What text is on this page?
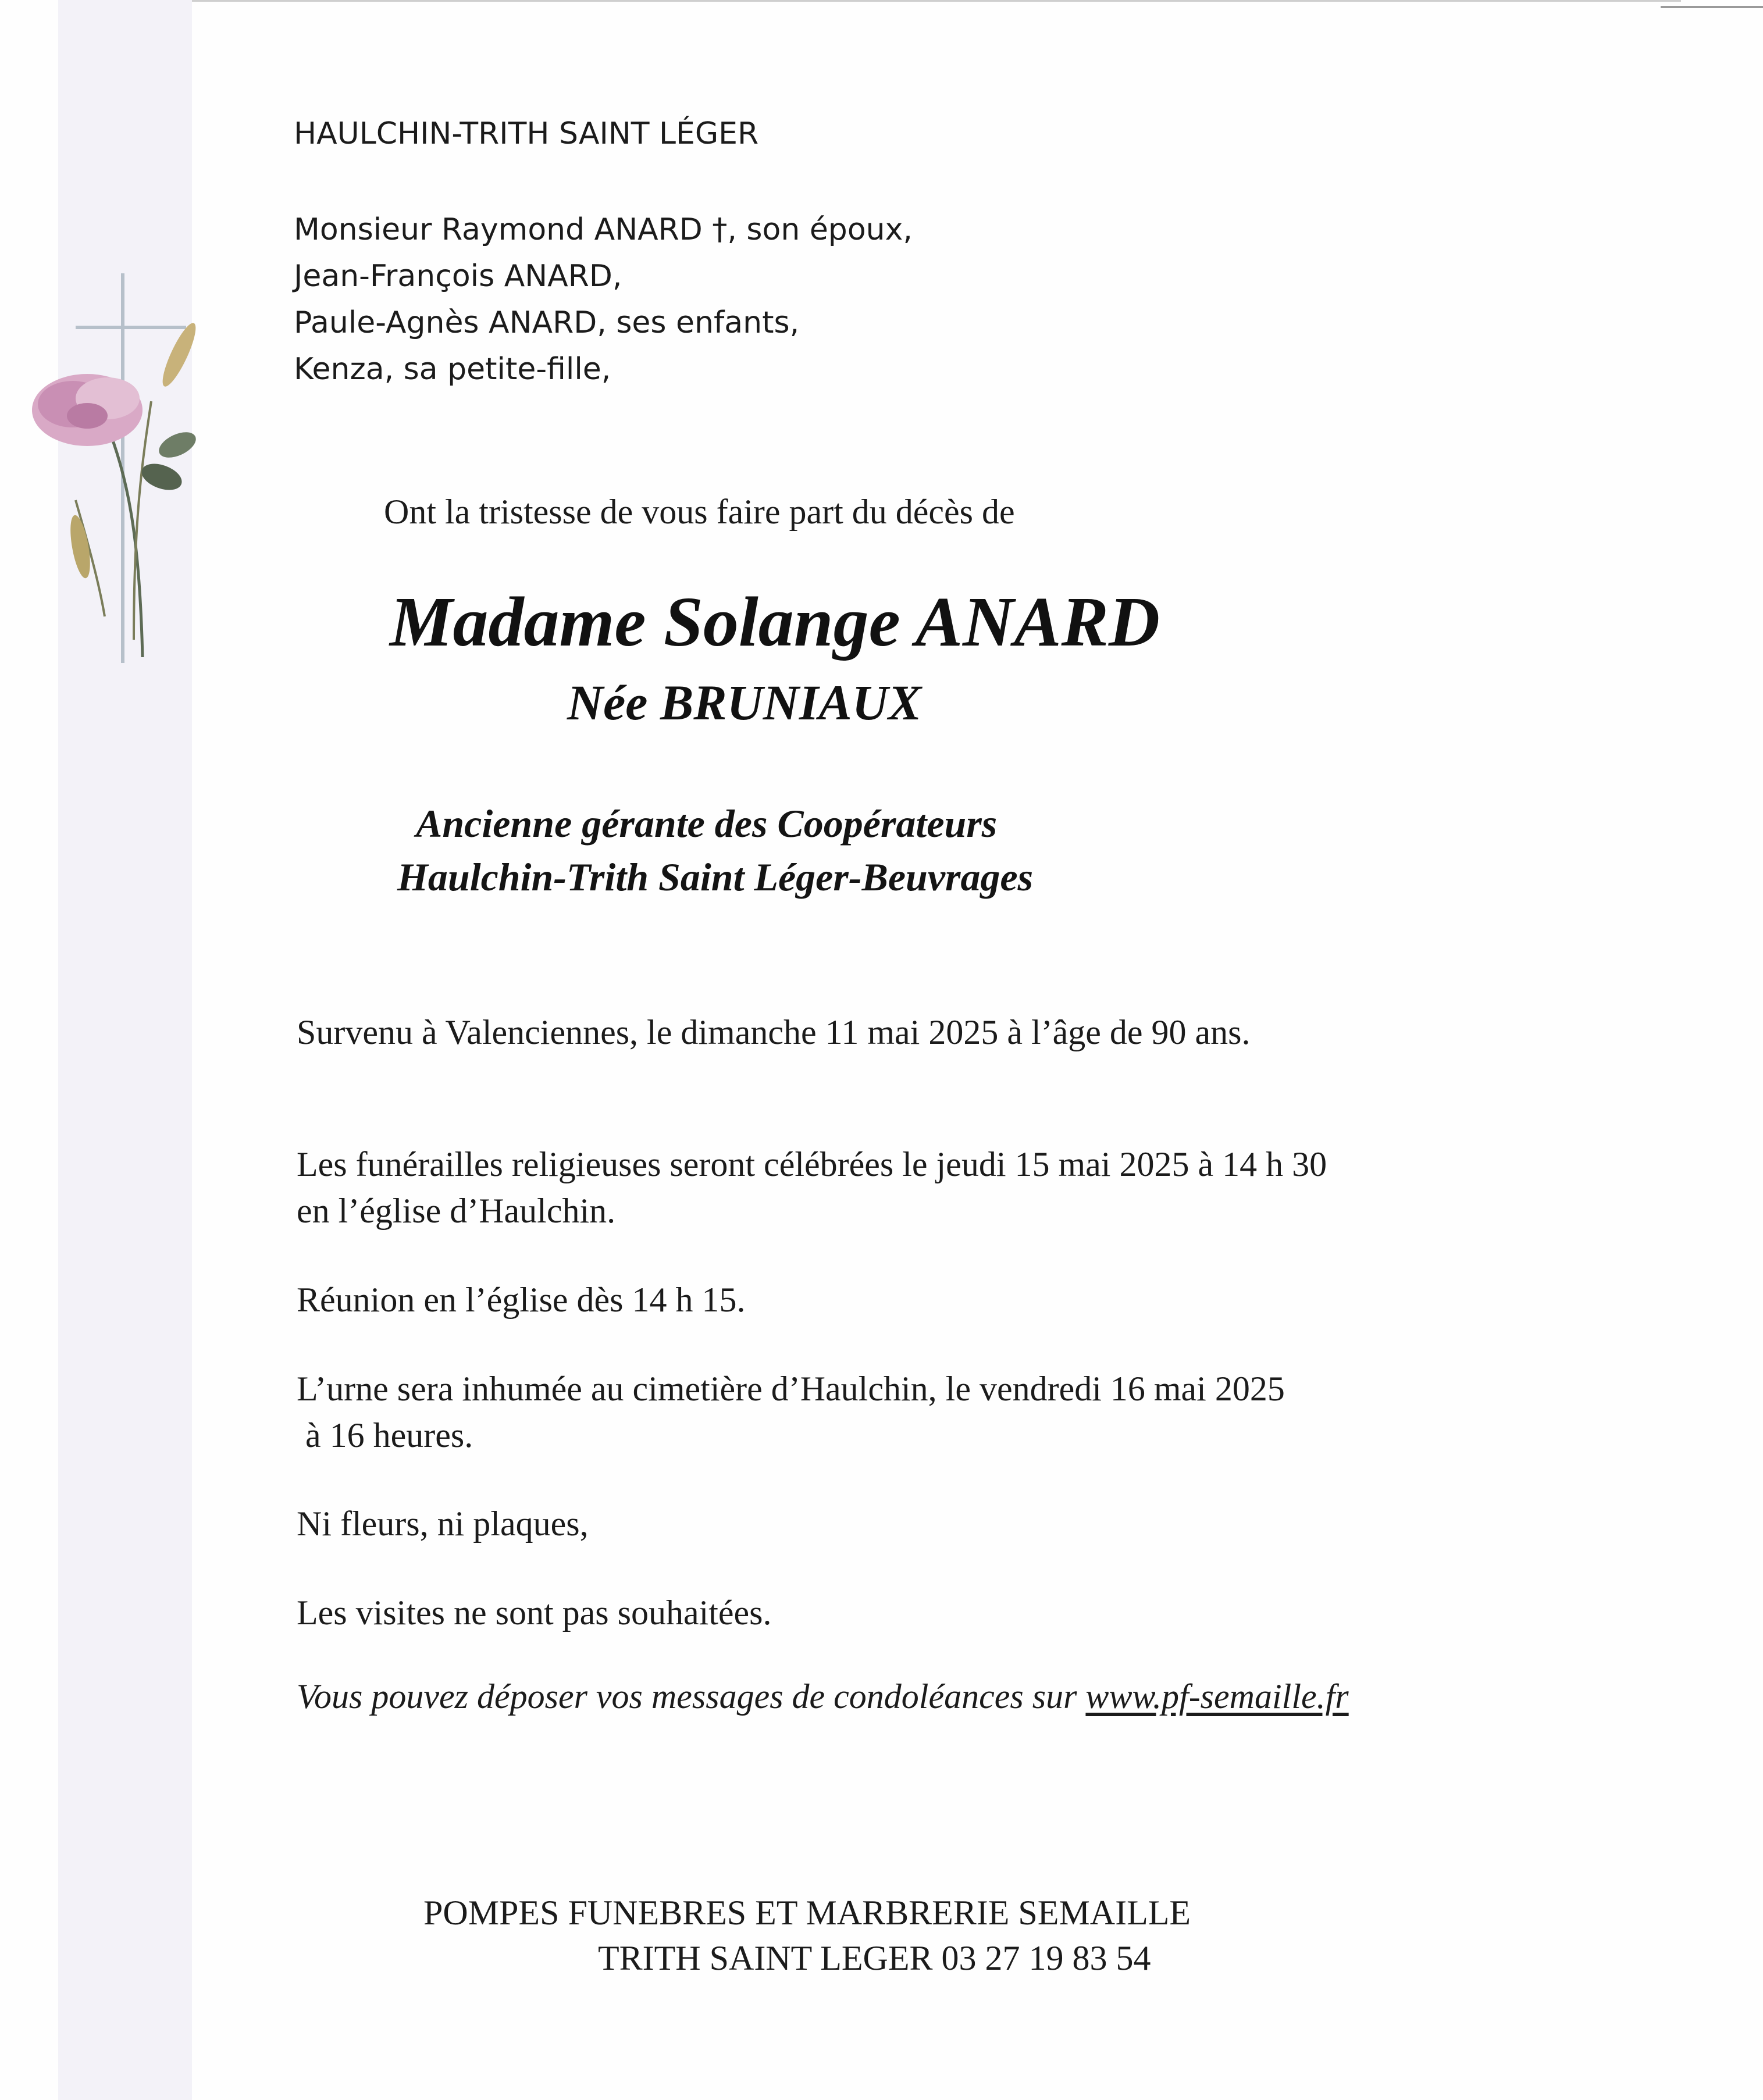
HAULCHIN-TRITH SAINT LÉGER
Monsieur Raymond ANARD †, son époux,
Jean-François ANARD,
Paule-Agnès ANARD, ses enfants,
Kenza, sa petite-fille,
Ont la tristesse de vous faire part du décès de
Madame Solange ANARD
Née BRUNIAUX
Ancienne gérante des Coopérateurs
Haulchin-Trith Saint Léger-Beuvrages
Survenu à Valenciennes, le dimanche 11 mai 2025 à l’âge de 90 ans.
Les funérailles religieuses seront célébrées le jeudi 15 mai 2025 à 14 h 30
en l’église d’Haulchin.
Réunion en l’église dès 14 h 15.
L’urne sera inhumée au cimetière d’Haulchin, le vendredi 16 mai 2025
à 16 heures.
Ni fleurs, ni plaques,
Les visites ne sont pas souhaitées.
Vous pouvez déposer vos messages de condoléances sur www.pf-semaille.fr
POMPES FUNEBRES ET MARBRERIE SEMAILLE
TRITH SAINT LEGER 03 27 19 83 54
